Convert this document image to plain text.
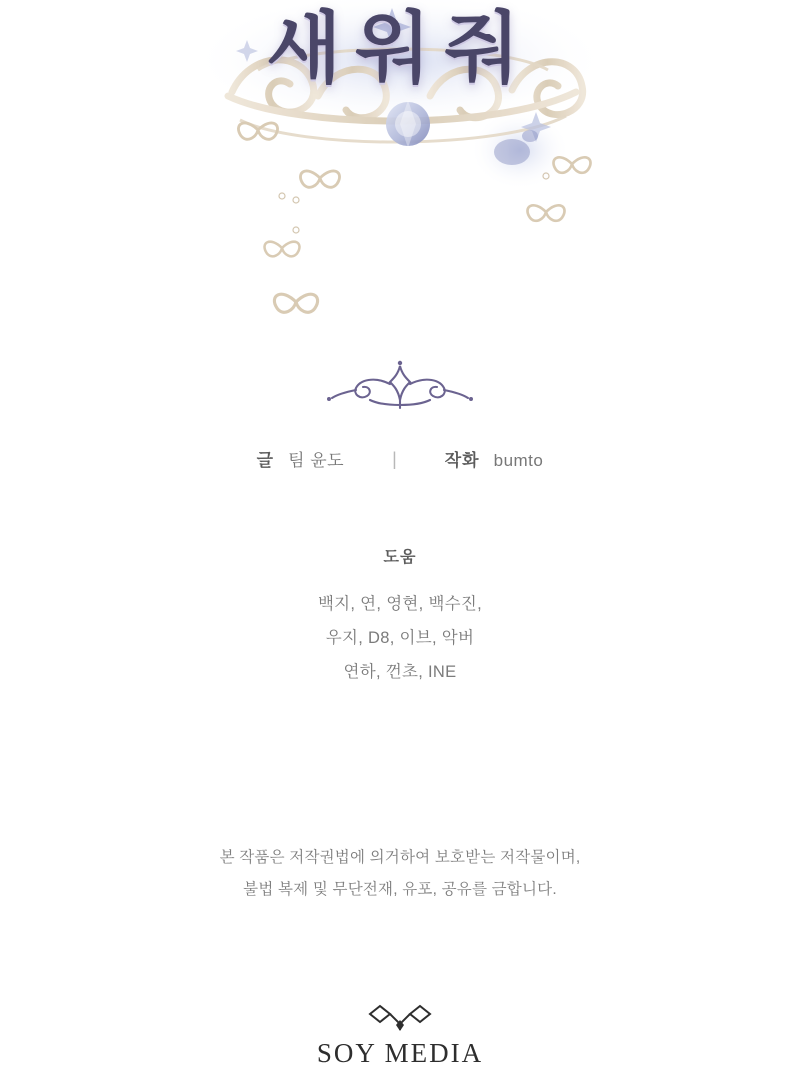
새워줘
글 팀 윤도	|	작화 bumto
도움
백지, 연, 영현, 백수진,
우지, D8, 이브, 악버
연하, 껀초, INE
본 작품은 저작권법에 의거하여 보호받는 저작물이며,
불법 복제 및 무단전재, 유포, 공유를 금합니다.
SOY MEDIA
